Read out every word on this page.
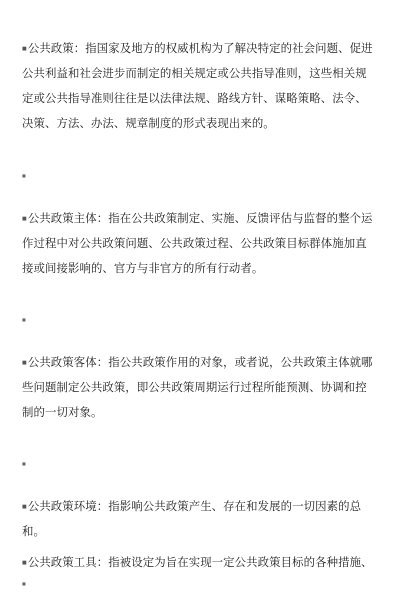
■公共政策：指国家及地方的权威机构为了解决特定的社会问题、促进公共利益和社会进步而制定的相关规定或公共指导准则，这些相关规定或公共指导准则往往是以法律法规、路线方针、谋略策略、法令、决策、方法、办法、规章制度的形式表现出来的。

■

■公共政策主体：指在公共政策制定、实施、反馈评估与监督的整个运作过程中对公共政策问题、公共政策过程、公共政策目标群体施加直接或间接影响的、官方与非官方的所有行动者。

■

■公共政策客体：指公共政策作用的对象，或者说，公共政策主体就哪些问题制定公共政策，即公共政策周期运行过程所能预测、协调和控制的一切对象。

■

■公共政策环境：指影响公共政策产生、存在和发展的一切因素的总和。

■公共政策工具：指被设定为旨在实现一定公共政策目标的各种措施、

■
